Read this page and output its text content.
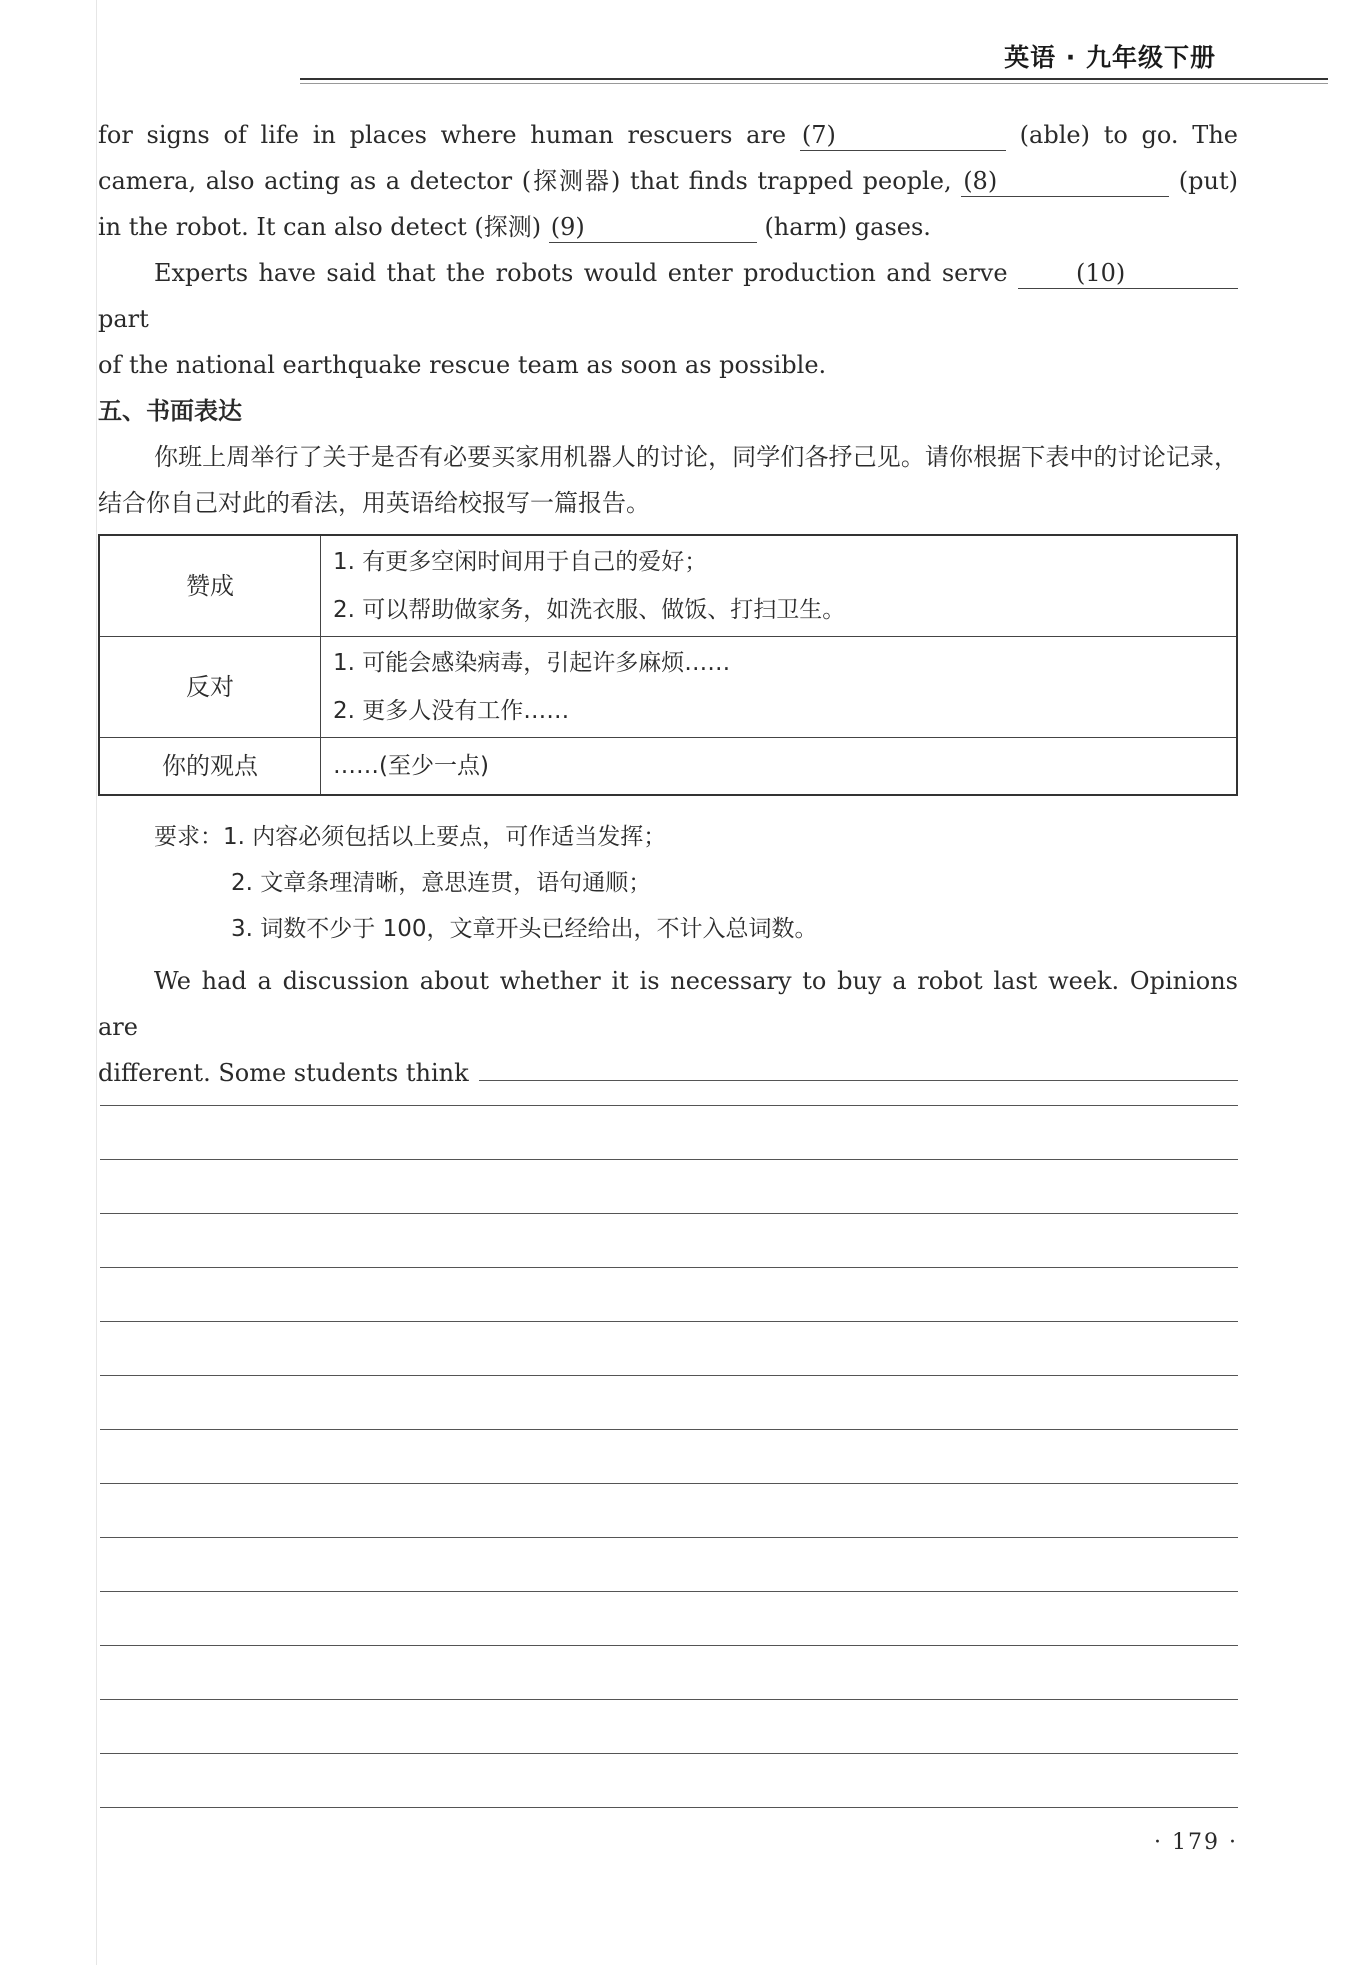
英语 · 九年级下册

for signs of life in places where human rescuers are (7)	(able) to go. The

camera, also acting as a detector (探测器) that finds trapped people, (8)	(put)

in the robot. It can also detect (探测) (9)	(harm) gases.

Experts have said that the robots would enter production and serve	(10) part

of the national earthquake rescue team as soon as possible.

五、书面表达

你班上周举行了关于是否有必要买家用机器人的讨论，同学们各抒己见。请你根据下表中的讨论记录，结合你自己对此的看法，用英语给校报写一篇报告。

赞成	1. 有更多空闲时间用于自己的爱好；
2. 可以帮助做家务，如洗衣服、做饭、打扫卫生。

反对	1. 可能会感染病毒，引起许多麻烦……
2. 更多人没有工作……

你的观点	……(至少一点)
要求：1. 内容必须包括以上要点，可作适当发挥；
2. 文章条理清晰，意思连贯，语句通顺；
3. 词数不少于 100，文章开头已经给出，不计入总词数。

We had a discussion about whether it is necessary to buy a robot last week. Opinions are

different. Some students think

· 179 ·
